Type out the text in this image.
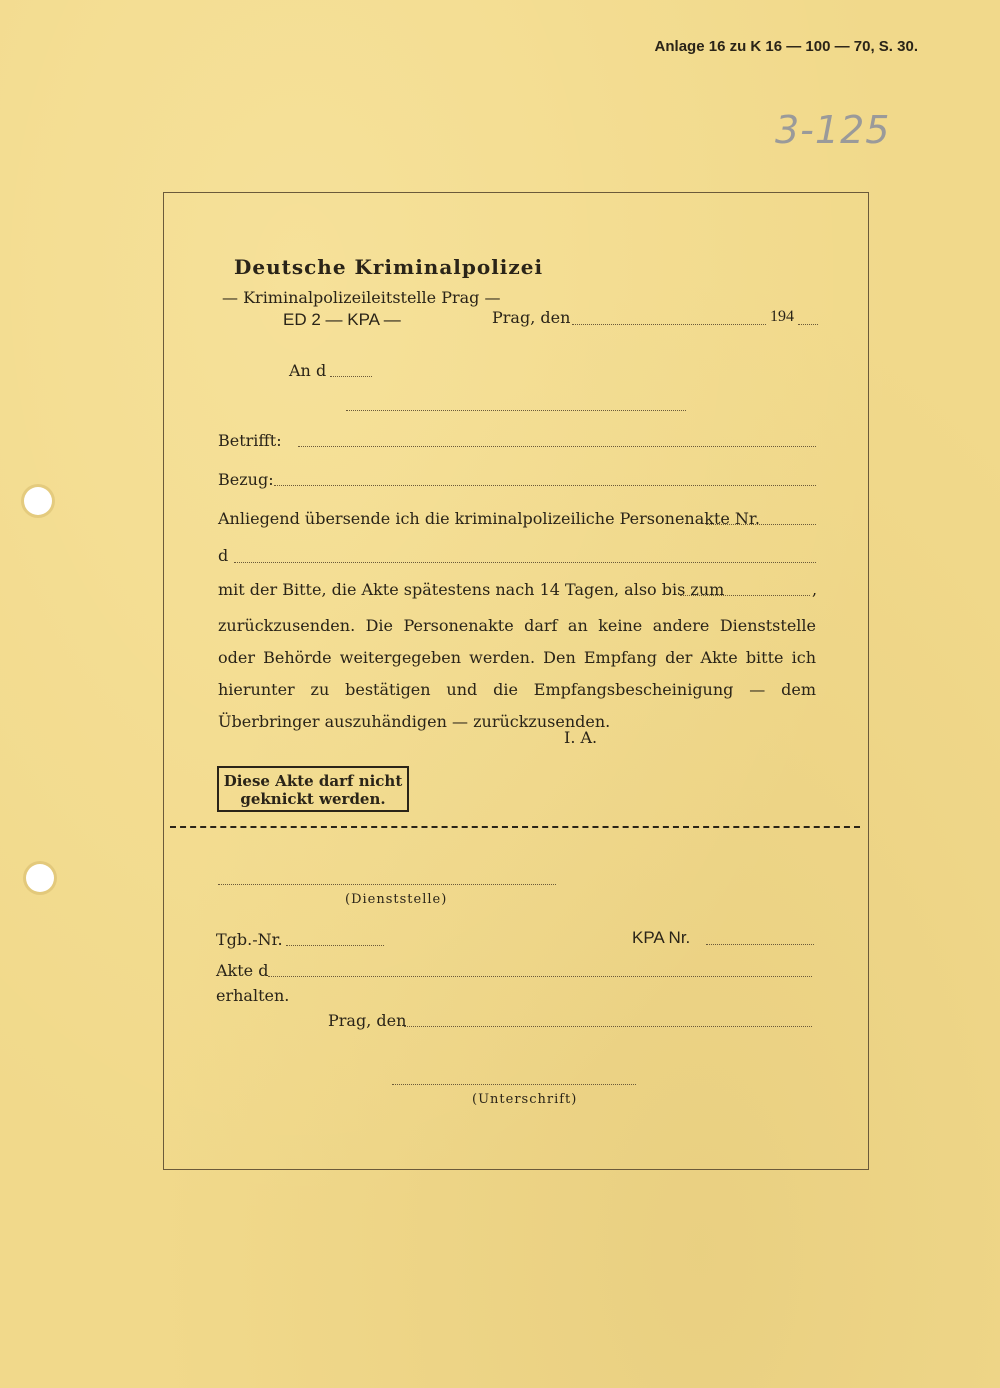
Anlage 16 zu K 16 — 100 — 70, S. 30.
3-125
Deutsche Kriminalpolizei
— Kriminalpolizeileitstelle Prag —
ED 2 — KPA —	Prag, den	194
An d
Betrifft:
Bezug:
Anliegend übersende ich die kriminalpolizeiliche Personenakte Nr.
d
mit der Bitte, die Akte spätestens nach 14 Tagen, also bis zum	,

zurückzusenden. Die Personenakte darf an keine andere Dienststelle oder Behörde weitergegeben werden. Den Empfang der Akte bitte ich hierunter zu bestätigen und die Empfangsbescheinigung — dem Überbringer auszuhändigen — zurückzusenden.

I. A.
Diese Akte darf nicht
geknickt werden.
(Dienststelle)
Tgb.-Nr.	KPA Nr.
Akte d
erhalten.
Prag, den
(Unterschrift)
